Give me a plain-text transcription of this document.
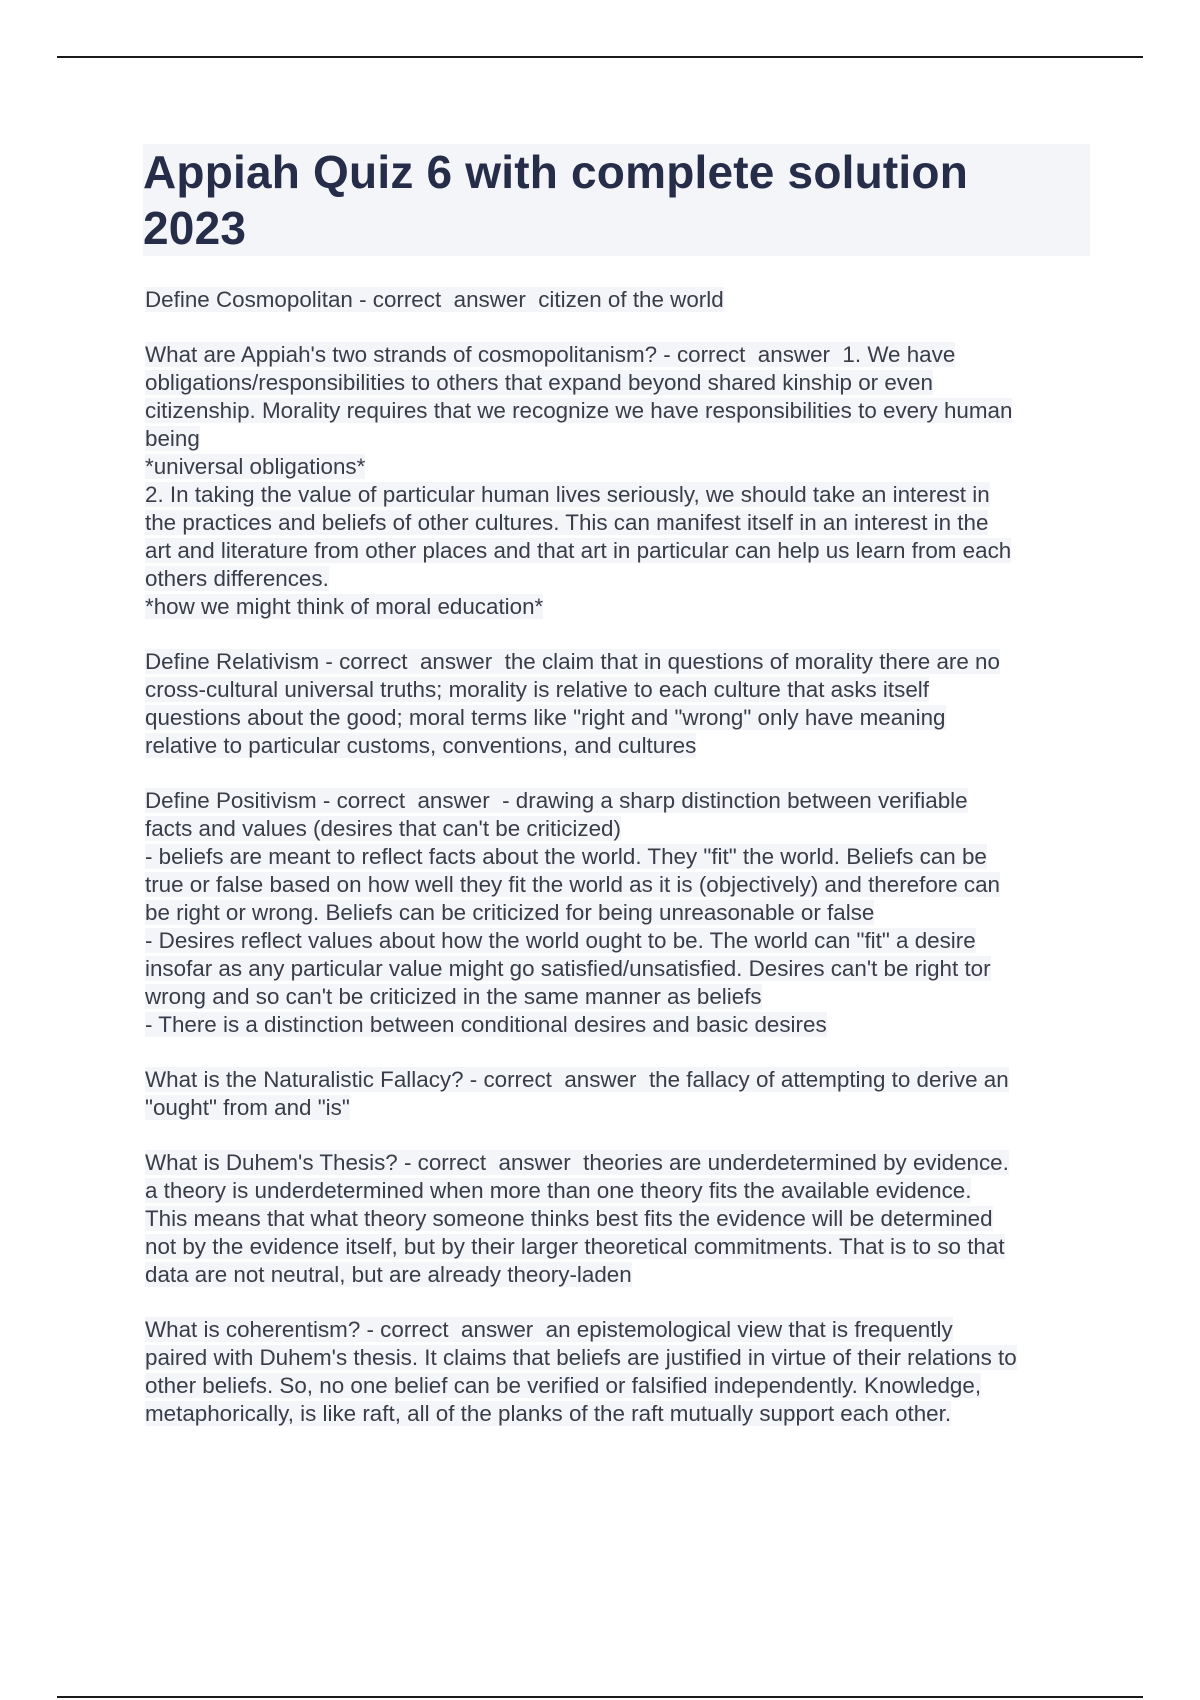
Appiah Quiz 6 with complete solution
2023
Define Cosmopolitan - correct  answer  citizen of the world
What are Appiah's two strands of cosmopolitanism? - correct  answer  1. We have
obligations/responsibilities to others that expand beyond shared kinship or even
citizenship. Morality requires that we recognize we have responsibilities to every human
being
*universal obligations*
2. In taking the value of particular human lives seriously, we should take an interest in
the practices and beliefs of other cultures. This can manifest itself in an interest in the
art and literature from other places and that art in particular can help us learn from each
others differences.
*how we might think of moral education*
Define Relativism - correct  answer  the claim that in questions of morality there are no
cross-cultural universal truths; morality is relative to each culture that asks itself
questions about the good; moral terms like "right and "wrong" only have meaning
relative to particular customs, conventions, and cultures
Define Positivism - correct  answer  - drawing a sharp distinction between verifiable
facts and values (desires that can't be criticized)
- beliefs are meant to reflect facts about the world. They "fit" the world. Beliefs can be
true or false based on how well they fit the world as it is (objectively) and therefore can
be right or wrong. Beliefs can be criticized for being unreasonable or false
- Desires reflect values about how the world ought to be. The world can "fit" a desire
insofar as any particular value might go satisfied/unsatisfied. Desires can't be right tor
wrong and so can't be criticized in the same manner as beliefs
- There is a distinction between conditional desires and basic desires
What is the Naturalistic Fallacy? - correct  answer  the fallacy of attempting to derive an
"ought" from and "is"
What is Duhem's Thesis? - correct  answer  theories are underdetermined by evidence.
a theory is underdetermined when more than one theory fits the available evidence.
This means that what theory someone thinks best fits the evidence will be determined
not by the evidence itself, but by their larger theoretical commitments. That is to so that
data are not neutral, but are already theory-laden
What is coherentism? - correct  answer  an epistemological view that is frequently
paired with Duhem's thesis. It claims that beliefs are justified in virtue of their relations to
other beliefs. So, no one belief can be verified or falsified independently. Knowledge,
metaphorically, is like raft, all of the planks of the raft mutually support each other.
